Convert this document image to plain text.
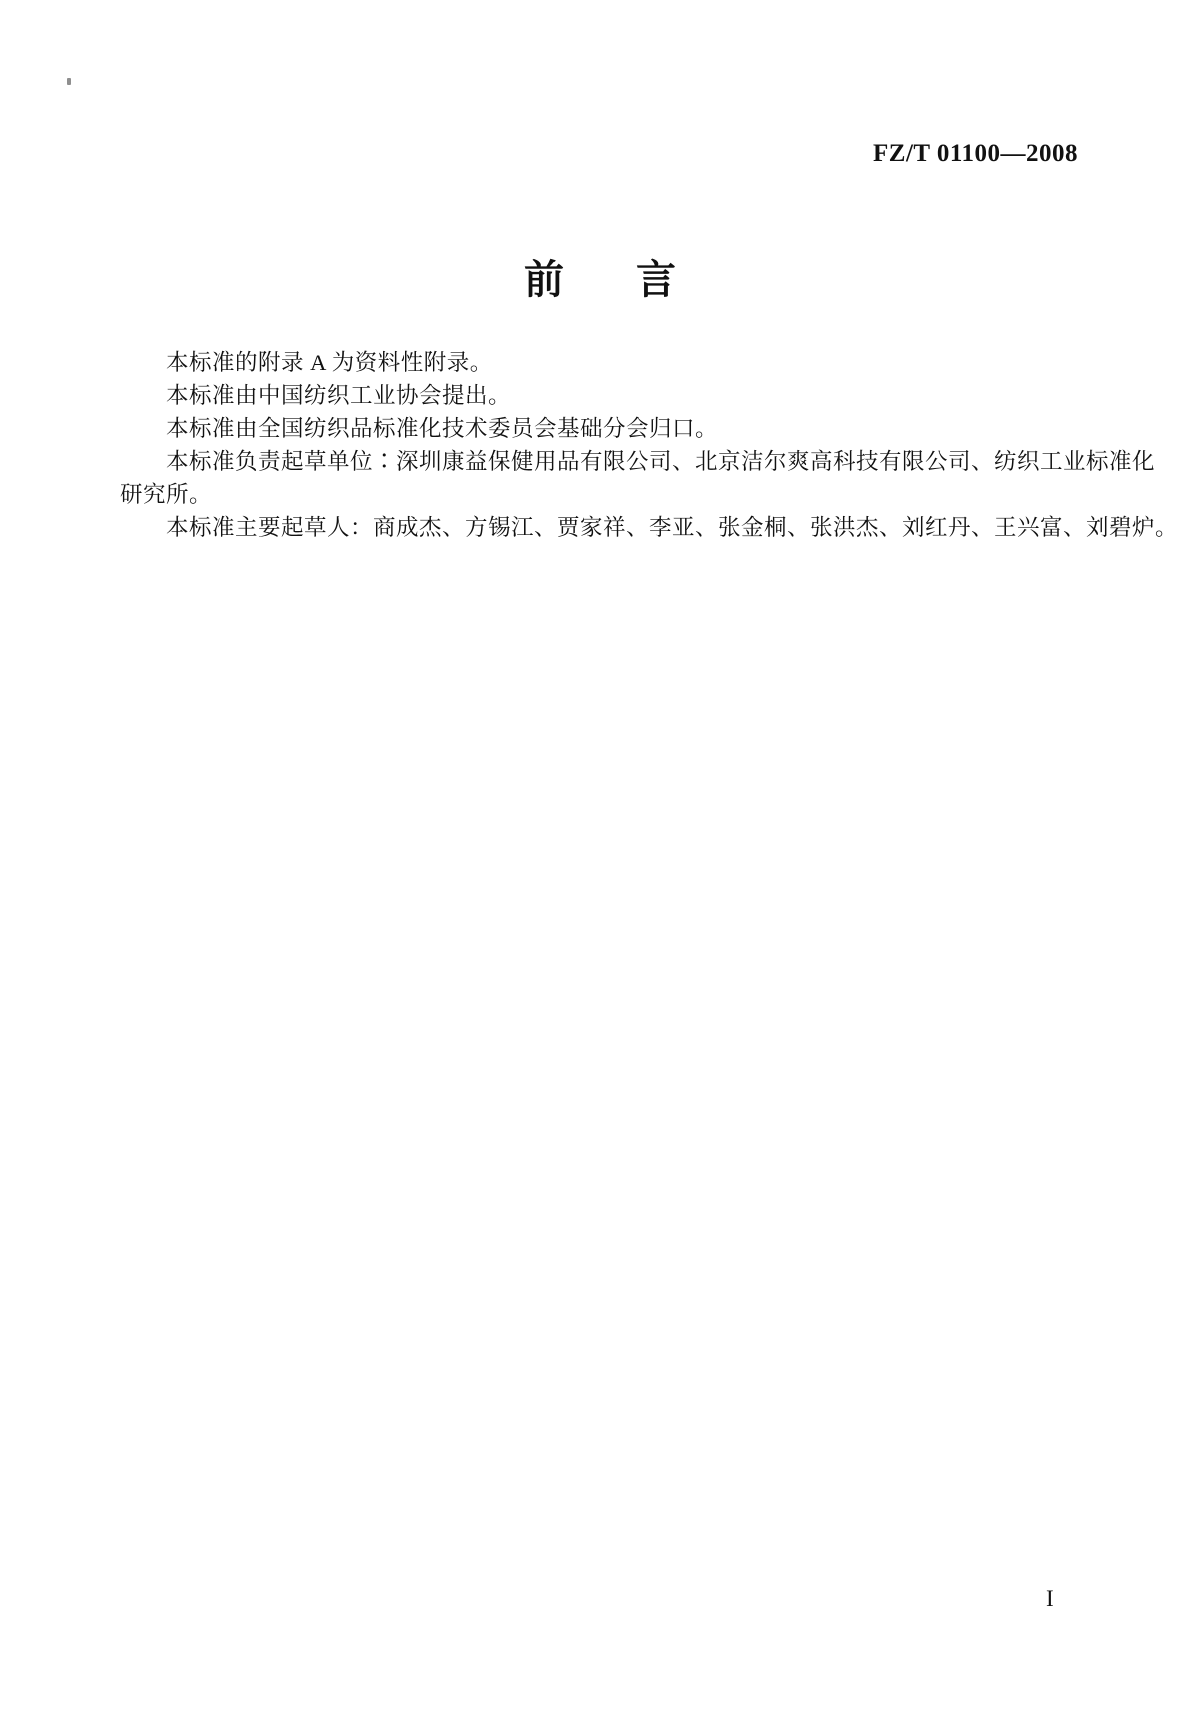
FZ/T 01100—2008
前言
本标准的附录 A 为资料性附录。
本标准由中国纺织工业协会提出。
本标准由全国纺织品标准化技术委员会基础分会归口。
本标准负责起草单位∶深圳康益保健用品有限公司、北京洁尔爽高科技有限公司、纺织工业标准化
研究所。
本标准主要起草人：商成杰、方锡江、贾家祥、李亚、张金桐、张洪杰、刘红丹、王兴富、刘碧炉。
I
